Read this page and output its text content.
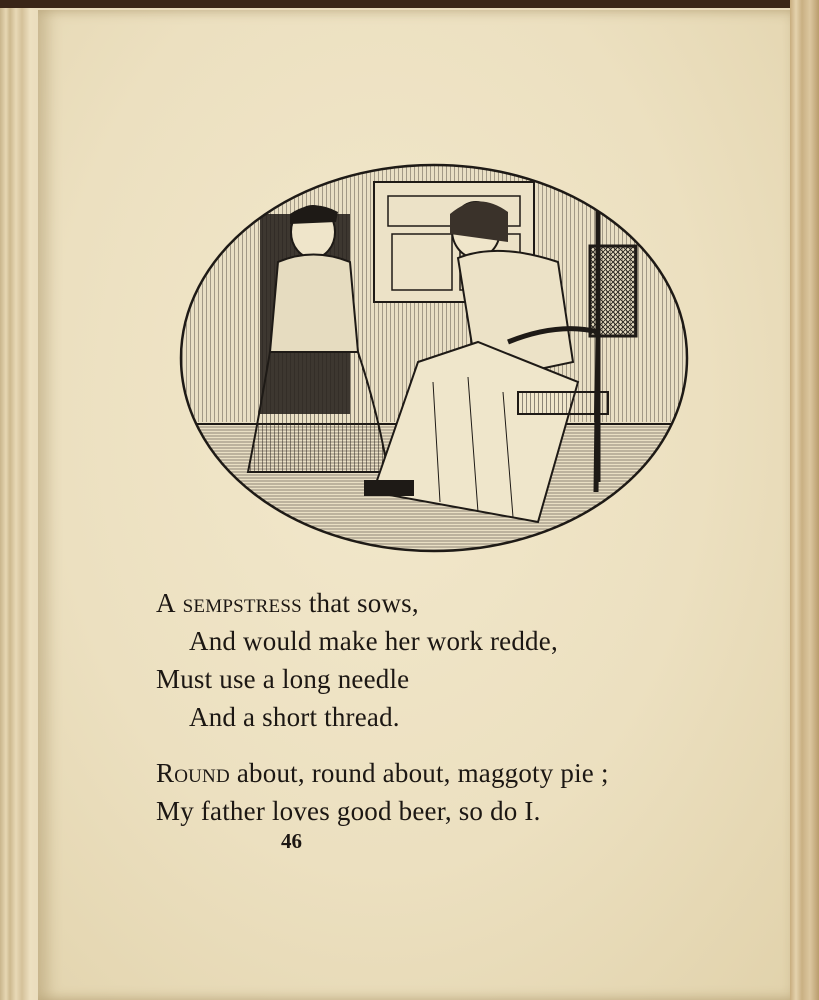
A sempstress that sows,
And would make her work redde,
Must use a long needle
And a short thread.
Round about, round about, maggoty pie ;
My father loves good beer, so do I.
46
